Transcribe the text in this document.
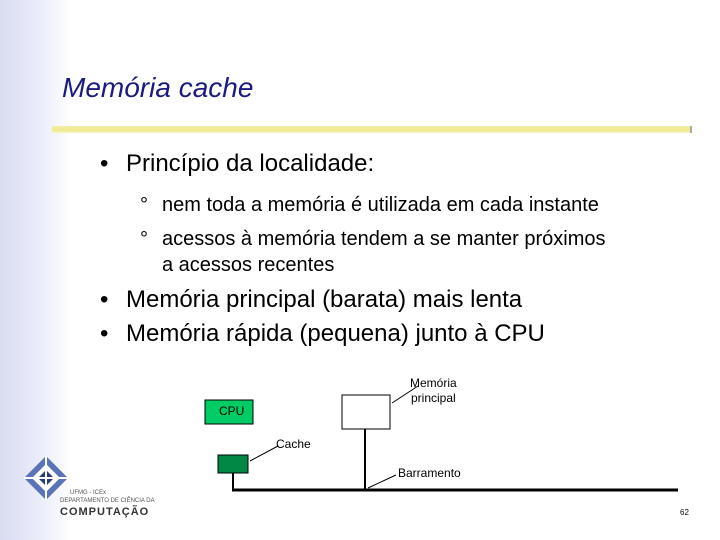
Memória cache
• Princípio da localidade:
° nem toda a memória é utilizada em cada instante
° acessos à memória tendem a se manter próximos
a acessos recentes
• Memória principal (barata) mais lenta
• Memória rápida (pequena) junto à CPU
CPU
Memória
principal
Cache
Barramento
UFMG - ICEx
DEPARTAMENTO DE CIÊNCIA DA
COMPUTAÇÃO	62
